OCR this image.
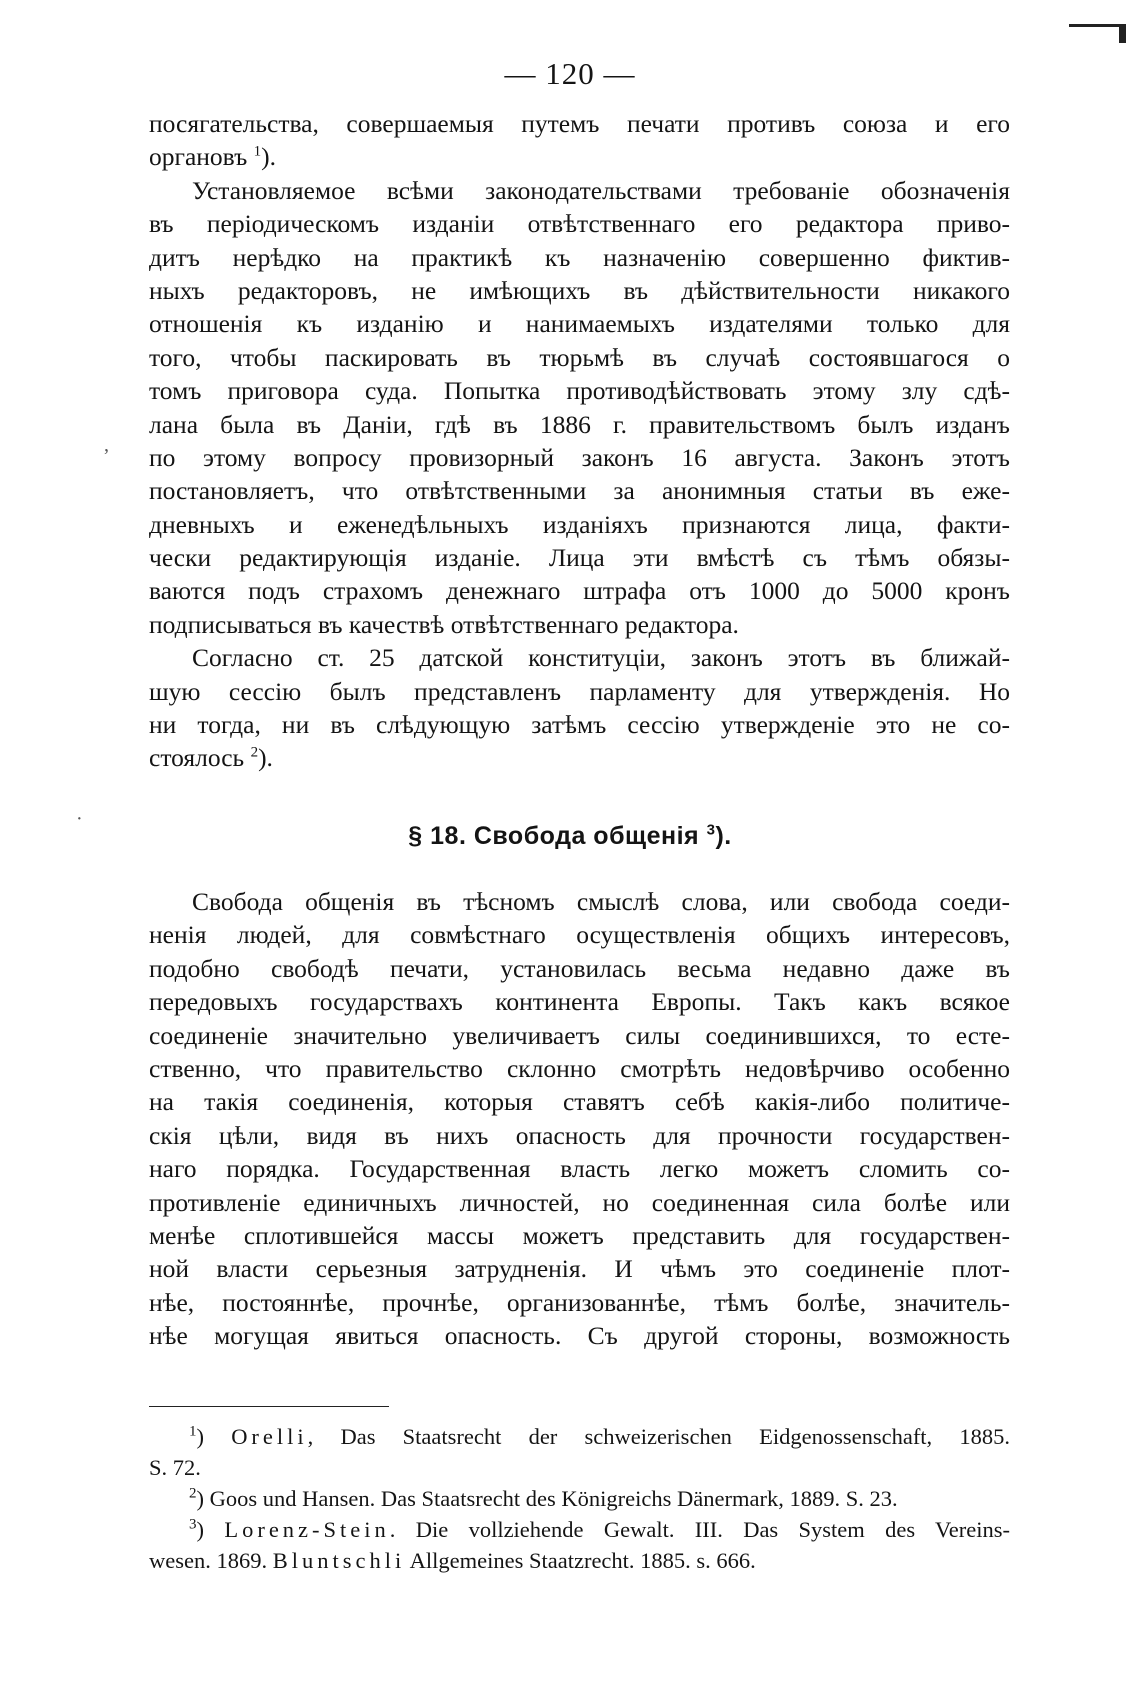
— 120 —
,
·
посягательства, совершаемыя путемъ печати противъ союза и его
органовъ $^1$).
Установляемое всѣми законодательствами требованіе обозначенія
въ періодическомъ изданіи отвѣтственнаго его редактора приво-
дитъ нерѣдко на практикѣ къ назначенію совершенно фиктив-
ныхъ редакторовъ, не имѣющихъ въ дѣйствительности никакого
отношенія къ изданію и нанимаемыхъ издателями только для
того, чтобы паскировать въ тюрьмѣ въ случаѣ состоявшагося о
томъ приговора суда. Попытка противодѣйствовать этому злу сдѣ-
лана была въ Даніи, гдѣ въ 1886 г. правительствомъ былъ изданъ
по этому вопросу провизорный законъ 16 августа. Законъ этотъ
постановляетъ, что отвѣтственными за анонимныя статьи въ еже-
дневныхъ и еженедѣльныхъ изданіяхъ признаются лица, факти-
чески редактирующія изданіе. Лица эти вмѣстѣ съ тѣмъ обязы-
ваются подъ страхомъ денежнаго штрафа отъ 1000 до 5000 кронъ
подписываться въ качествѣ отвѣтственнаго редактора.
Согласно ст. 25 датской конституціи, законъ этотъ въ ближай-
шую сессію былъ представленъ парламенту для утвержденія. Но
ни тогда, ни въ слѣдующую затѣмъ сессію утвержденіе это не со-
стоялось $^2$).
§ 18. Свобода общенія $^3$).
Свобода общенія въ тѣсномъ смыслѣ слова, или свобода соеди-
ненія людей, для совмѣстнаго осуществленія общихъ интересовъ,
подобно свободѣ печати, установилась весьма недавно даже въ
передовыхъ государствахъ континента Европы. Такъ какъ всякое
соединеніе значительно увеличиваетъ силы соединившихся, то есте-
ственно, что правительство склонно смотрѣть недовѣрчиво особенно
на такія соединенія, которыя ставятъ себѣ какія-либо политиче-
скія цѣли, видя въ нихъ опасность для прочности государствен-
наго порядка. Государственная власть легко можетъ сломить со-
противленіе единичныхъ личностей, но соединенная сила болѣе или
менѣе сплотившейся массы можетъ представить для государствен-
ной власти серьезныя затрудненія. И чѣмъ это соединеніе плот-
нѣе, постояннѣе, прочнѣе, организованнѣе, тѣмъ болѣе, значитель-
нѣе могущая явиться опасность. Съ другой стороны, возможность
$^1$) Orelli, Das Staatsrecht der schweizerischen Eidgenossenschaft, 1885.
S. 72.
$^2$) Goos und Hansen. Das Staatsrecht des Königreichs Dänermark, 1889. S. 23.
$^3$) Lorenz-Stein. Die vollziehende Gewalt. III. Das System des Vereins-
wesen. 1869. Bluntschli Allgemeines Staatzrecht. 1885. s. 666.
